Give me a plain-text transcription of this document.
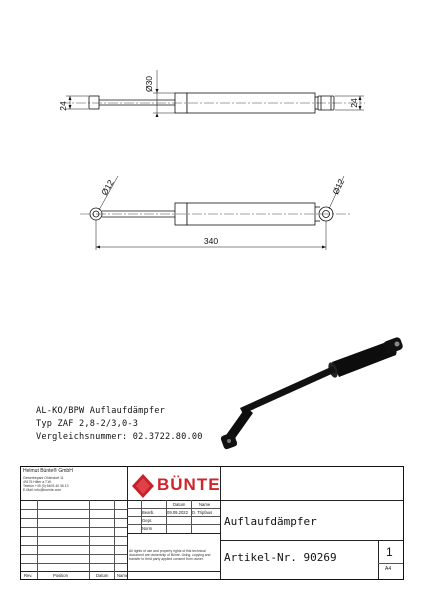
24
Ø30
24
Ø12	Ø12
340
AL-KO/BPW Auflaufdämpfer
Typ ZAF 2,8-2/3,0-3
Vergleichsnummer: 02.3722.80.00
Helmut Bünte® GmbH
Gewerbepark Ohlendorf 11
49176 Hilter a.T.W.
Telefon +49 (0) 5409-40 36 13
E-Mail: info@buente.com	BÜNTE
Datum	Name
Bearb.	09.09.2022 D. Tripfaus
Gepr.
Norm
All rights of use and property rights of this technical document are ownership of Bünte. Using, copying and transfer to third party applied consent from owner.
Auflaufdämpfer
Artikel-Nr. 90269	1
A4
Rev.	Position	Datum Name
